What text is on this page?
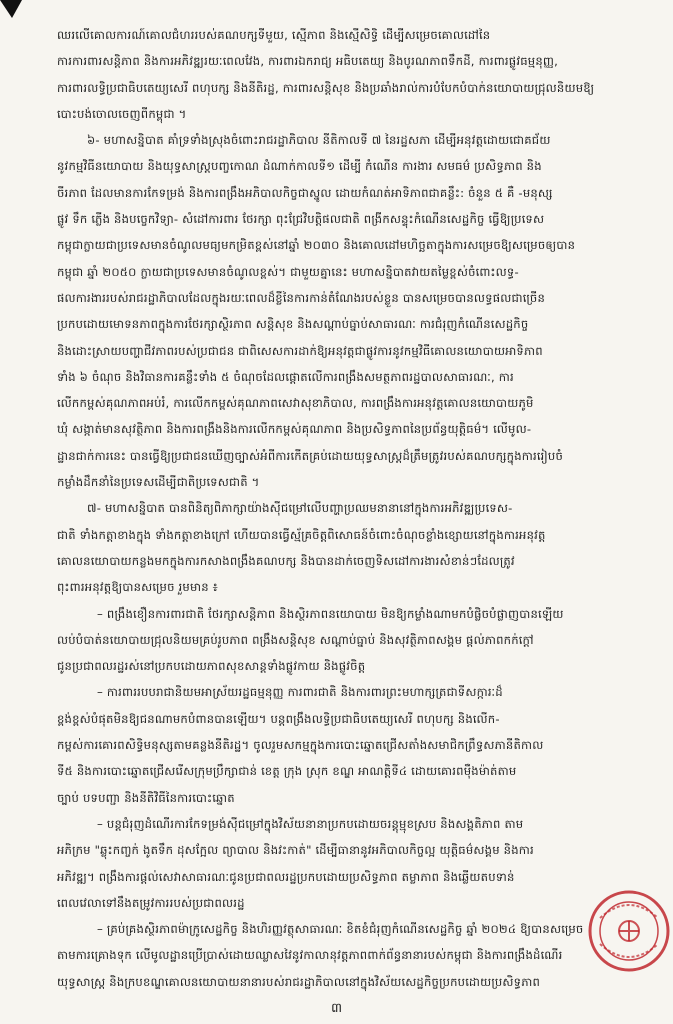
ឈរលើគោលការណ៍គោលជំហររបស់គណបក្សទីមួយ, ស្មើភាព និងស្មើសិទ្ធិ ដើម្បីសម្រេចគោលដៅនៃ
ការការពារសន្តិភាព និងការអភិវឌ្ឍរយៈពេលវែង, ការពារឯករាជ្យ អធិបតេយ្យ និងបូរណភាពទឹកដី, ការពារផ្លូវធម្មនុញ្ញ,
ការពារលទ្ធិប្រជាធិបតេយ្យសេរី ពហុបក្ស និងនីតិរដ្ឋ, ការពារសន្តិសុខ និងប្រឆាំងរាល់ការបំបែកបំបាក់នយោបាយជ្រុលនិយមឱ្យ
បោះបង់ចោលចេញពីកម្ពុជា ។
៦- មហាសន្និបាត គាំទ្រទាំងស្រុងចំពោះរាជរដ្ឋាភិបាល នីតិកាលទី ៧ នៃរដ្ឋសភា ដើម្បីអនុវត្តដោយជោគជ័យ
នូវកម្មវិធីនយោបាយ និងយុទ្ធសាស្ត្របញ្ចកោណ ដំណាក់កាលទី១ ដើម្បី កំណើន ការងារ សមធម៌ ប្រសិទ្ធភាព និង
ចីរភាព ដែលមានការកែទម្រង់ និងការពង្រឹងអភិបាលកិច្ចជាស្នូល ដោយកំណត់អាទិភាពជាគន្លឹះ: ចំនួន ៥ គឺ -មនុស្ស
ផ្លូវ ទឹក ភ្លើង និងបច្ចេកវិទ្យា- សំដៅការពារ ថែរក្សា ពុះជ្រែវិបត្តិផលជាតិ ពង្រីកសន្ទុះកំណើនសេដ្ឋកិច្ច ធ្វើឱ្យប្រទេស
កម្ពុជាក្លាយជាប្រទេសមានចំណូលមធ្យមកម្រិតខ្ពស់នៅឆ្នាំ ២០៣០ និងគោលដៅមហិច្ឆតាក្នុងការសម្រេចឱ្យសម្រេចឲ្យបាន
កម្ពុជា ឆ្នាំ ២០៥០ ក្លាយជាប្រទេសមានចំណូលខ្ពស់។ ជាមួយគ្នានេះ មហាសន្និបាតវាយតម្លៃខ្ពស់ចំពោះលទ្ធ-
ផលការងាររបស់រាជរដ្ឋាភិបាលដែលក្នុងរយៈពេលដ៏ខ្លីនៃការកាន់តំណែងរបស់ខ្លួន បានសម្រេចបានលទ្ធផលជាច្រើន
ប្រកបដោយមោទនភាពក្នុងការថែរក្សាស្ថិរភាព សន្តិសុខ និងសណ្តាប់ធ្នាប់សាធារណៈ ការជំរុញកំណើនសេដ្ឋកិច្ច
និងដោះស្រាយបញ្ហាជីវភាពរបស់ប្រជាជន ជាពិសេសការដាក់ឱ្យអនុវត្តជាផ្លូវការនូវកម្មវិធីគោលនយោបាយអាទិភាព
ទាំង ៦ ចំណុច និងវិធានការគន្លឹះទាំង ៥ ចំណុចដែលផ្តោតលើការពង្រឹងសមត្ថភាពរដ្ឋបាលសាធារណៈ, ការ
លើកកម្ពស់គុណភាពអប់រំ, ការលើកកម្ពស់គុណភាពសេវាសុខាភិបាល, ការពង្រឹងការអនុវត្តគោលនយោបាយភូមិ
ឃុំ សង្កាត់មានសុវត្ថិភាព និងការពង្រឹងនិងការលើកកម្ពស់គុណភាព និងប្រសិទ្ធភាពនៃប្រព័ន្ធយុត្តិធម៌។ លើមូល-
ដ្ឋានជាក់ការនេះ បានធ្វើឱ្យប្រជាជនឃើញច្បាស់អំពីការកើតគ្រប់ដោយយុទ្ធសាស្ត្រដ៏ត្រឹមត្រូវរបស់គណបក្សក្នុងការរៀបចំ
កម្លាំងដឹកនាំនៃប្រទេសដើម្បីជាតិប្រទេសជាតិ ។
៧- មហាសន្និបាត បានពិនិត្យពិភាក្សាយ៉ាងស៊ីជម្រៅលើបញ្ហាប្រឈមនានានៅក្នុងការអភិវឌ្ឍប្រទេស-
ជាតិ ទាំងកត្តាខាងក្នុង ទាំងកត្តាខាងក្រៅ ហើយបានធ្វើស្ម័គ្រចិត្តពិសោធន៍ចំពោះចំណុចខ្លាំងខ្សោយនៅក្នុងការអនុវត្ត
គោលនយោបាយកន្លងមកក្នុងការកសាងពង្រឹងគណបក្ស និងបានដាក់ចេញទិសដៅការងារសំខាន់ៗដែលត្រូវ
ពុះពារអនុវត្តឱ្យបានសម្រេច រួមមាន ៖
– ពង្រឹងខឿនការពារជាតិ ថែរក្សាសន្តិភាព និងស្ថិរភាពនយោបាយ មិនឱ្យកម្លាំងណាមកបំផ្លិចបំផ្លាញបានឡើយ
លប់បំបាត់នយោបាយជ្រុលនិយមគ្រប់រូបភាព ពង្រឹងសន្តិសុខ សណ្តាប់ធ្នាប់ និងសុវត្ថិភាពសង្គម ផ្តល់ភាពកក់ក្តៅ
ជូនប្រជាពលរដ្ឋរស់នៅប្រកបដោយភាពសុខសាន្តទាំងផ្លូវកាយ និងផ្លូវចិត្ត
– ការពាររបបរាជានិយមអាស្រ័យរដ្ឋធម្មនុញ្ញ ការពារជាតិ និងការពារព្រះមហាក្សត្រជាទីសក្ការៈដ៏
ខ្ពង់ខ្ពស់បំផុតមិនឱ្យជនណាមកបំពានបានឡើយ។ បន្តពង្រឹងលទ្ធិប្រជាធិបតេយ្យសេរី ពហុបក្ស និងលើក-
កម្ពស់ការគោរពសិទ្ធិមនុស្សតាមគន្លងនីតិរដ្ឋ។ ចូលរួមសកម្មក្នុងការបោះឆ្នោតជ្រើសតាំងសមាជិកព្រឹទ្ធសភានីតិកាល
ទី៥ និងការបោះឆ្នោតជ្រើសរើសក្រុមប្រឹក្សាជាន់ ខេត្ត ក្រុង ស្រុក ខណ្ឌ អាណត្តិទី៤ ដោយគោរពម៉ឺងម៉ាត់តាម
ច្បាប់ បទបញ្ជា និងនីតិវិធីនៃការបោះឆ្នោត
– បន្តជំរុញដំណើរការកែទម្រង់ស៊ីជម្រៅក្នុងវិស័យនានាប្រកបដោយចរន្តុម្មុខស្រប និងសង្គតិភាព តាម
អភិក្រម "ឆ្លុះកញ្ចក់ ងូតទឹក ដុសក្អែល ព្យាបាល និងវះកាត់" ដើម្បីធានានូវអភិបាលកិច្ចល្អ យុត្តិធម៌សង្គម និងការ
អភិវឌ្ឍ។ ពង្រឹងការផ្តល់សេវាសាធារណៈជូនប្រជាពលរដ្ឋប្រកបដោយប្រសិទ្ធភាព តម្លាភាព និងឆ្លើយតបទាន់
ពេលវេលាទៅនឹងតម្រូវការរបស់ប្រជាពលរដ្ឋ
– គ្រប់គ្រងស្ថិរភាពម៉ាក្រូសេដ្ឋកិច្ច និងហិរញ្ញវត្ថុសាធារណៈ ខិតខំជំរុញកំណើនសេដ្ឋកិច្ច ឆ្នាំ ២០២៤ ឱ្យបានសម្រេច
តាមការគ្រោងទុក លើមូលដ្ឋានប្រើប្រាស់ដោយឈ្លាសវៃនូវកាលានុវត្តភាពពាក់ព័ន្ធនានារបស់កម្ពុជា និងការពង្រឹងដំណើរ
យុទ្ធសាស្ត្រ និងក្របខណ្ឌគោលនយោបាយនានារបស់រាជរដ្ឋាភិបាលនៅក្នុងវិស័យសេដ្ឋកិច្ចប្រកបដោយប្រសិទ្ធភាព
៣
